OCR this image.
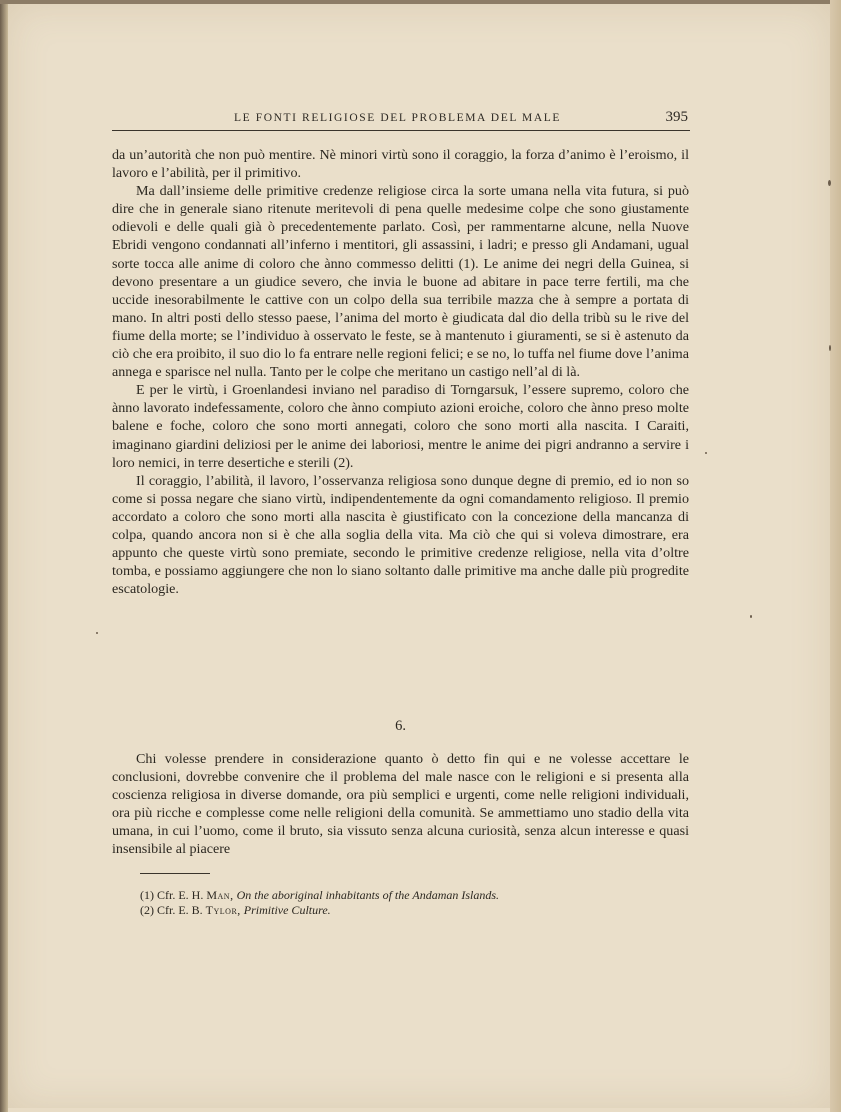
LE FONTI RELIGIOSE DEL PROBLEMA DEL MALE	395

da un’autorità che non può mentire. Nè minori virtù sono il coraggio, la forza d’animo è l’eroismo, il lavoro e l’abilità, per il primitivo.

Ma dall’insieme delle primitive credenze religiose circa la sorte umana nella vita futura, si può dire che in generale siano ritenute meritevoli di pena quelle medesime colpe che sono giustamente odievoli e delle quali già ò precedentemente parlato. Così, per rammentarne alcune, nella Nuove Ebridi vengono condannati all’inferno i mentitori, gli assassini, i ladri; e presso gli Andamani, ugual sorte tocca alle anime di coloro che ànno commesso delitti (1). Le anime dei negri della Guinea, si devono presentare a un giudice severo, che invia le buone ad abitare in pace terre fertili, ma che uccide inesorabilmente le cattive con un colpo della sua terribile mazza che à sempre a portata di mano. In altri posti dello stesso paese, l’anima del morto è giudicata dal dio della tribù su le rive del fiume della morte; se l’individuo à osservato le feste, se à mantenuto i giuramenti, se si è astenuto da ciò che era proibito, il suo dio lo fa entrare nelle regioni felici; e se no, lo tuffa nel fiume dove l’anima annega e sparisce nel nulla. Tanto per le colpe che meritano un castigo nell’al di là.

E per le virtù, i Groenlandesi inviano nel paradiso di Torngarsuk, l’essere supremo, coloro che ànno lavorato indefessamente, coloro che ànno compiuto azioni eroiche, coloro che ànno preso molte balene e foche, coloro che sono morti annegati, coloro che sono morti alla nascita. I Caraiti, imaginano giardini deliziosi per le anime dei laboriosi, mentre le anime dei pigri andranno a servire i loro nemici, in terre desertiche e sterili (2).

Il coraggio, l’abilità, il lavoro, l’osservanza religiosa sono dunque degne di premio, ed io non so come si possa negare che siano virtù, indipendentemente da ogni comandamento religioso. Il premio accordato a coloro che sono morti alla nascita è giustificato con la concezione della mancanza di colpa, quando ancora non si è che alla soglia della vita. Ma ciò che qui si voleva dimostrare, era appunto che queste virtù sono premiate, secondo le primitive credenze religiose, nella vita d’oltre tomba, e possiamo aggiungere che non lo siano soltanto dalle primitive ma anche dalle più progredite escatologie.

6.

Chi volesse prendere in considerazione quanto ò detto fin qui e ne volesse accettare le conclusioni, dovrebbe convenire che il problema del male nasce con le religioni e si presenta alla coscienza religiosa in diverse domande, ora più semplici e urgenti, come nelle religioni individuali, ora più ricche e complesse come nelle religioni della comunità. Se ammettiamo uno stadio della vita umana, in cui l’uomo, come il bruto, sia vissuto senza alcuna curiosità, senza alcun interesse e quasi insensibile al piacere

(1) Cfr. E. H. Man, On the aboriginal inhabitants of the Andaman Islands.
(2) Cfr. E. B. Tylor, Primitive Culture.
